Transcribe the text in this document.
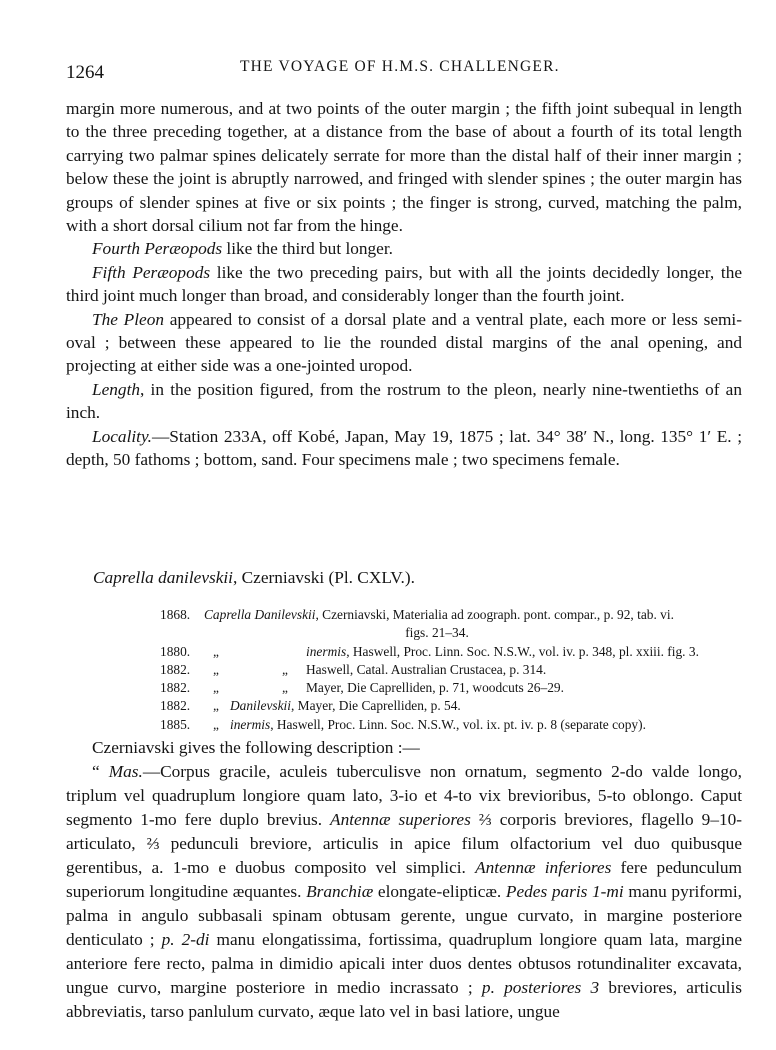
1264	THE VOYAGE OF H.M.S. CHALLENGER.

margin more numerous, and at two points of the outer margin ; the fifth joint subequal in length to the three preceding together, at a distance from the base of about a fourth of its total length carrying two palmar spines delicately serrate for more than the distal half of their inner margin ; below these the joint is abruptly narrowed, and fringed with slender spines ; the outer margin has groups of slender spines at five or six points ; the finger is strong, curved, matching the palm, with a short dorsal cilium not far from the hinge.

Fourth Peræopods like the third but longer.

Fifth Peræopods like the two preceding pairs, but with all the joints decidedly longer, the third joint much longer than broad, and considerably longer than the fourth joint.

The Pleon appeared to consist of a dorsal plate and a ventral plate, each more or less semi-oval ; between these appeared to lie the rounded distal margins of the anal opening, and projecting at either side was a one-jointed uropod.

Length, in the position figured, from the rostrum to the pleon, nearly nine-twentieths of an inch.

Locality.—Station 233A, off Kobé, Japan, May 19, 1875 ; lat. 34° 38′ N., long. 135° 1′ E. ; depth, 50 fathoms ; bottom, sand. Four specimens male ; two specimens female.

Caprella danilevskii, Czerniavski (Pl. CXLV.).
1868. Caprella Danilevskii, Czerniavski, Materialia ad zoograph. pont. compar., p. 92, tab. vi.
figs. 21–34.
1880. „	inermis, Haswell, Proc. Linn. Soc. N.S.W., vol. iv. p. 348, pl. xxiii. fig. 3.
1882. „	„ Haswell, Catal. Australian Crustacea, p. 314.
1882. „	„ Mayer, Die Caprelliden, p. 71, woodcuts 26–29.
1882. „ Danilevskii, Mayer, Die Caprelliden, p. 54.
1885. „ inermis, Haswell, Proc. Linn. Soc. N.S.W., vol. ix. pt. iv. p. 8 (separate copy).

Czerniavski gives the following description :—

“ Mas.—Corpus gracile, aculeis tuberculisve non ornatum, segmento 2-do valde longo, triplum vel quadruplum longiore quam lato, 3-io et 4-to vix brevioribus, 5-to oblongo. Caput segmento 1-mo fere duplo brevius. Antennæ superiores ⅔ corporis breviores, flagello 9–10-articulato, ⅔ pedunculi breviore, articulis in apice filum olfactorium vel duo quibusque gerentibus, a. 1-mo e duobus composito vel simplici. Antennæ inferiores fere pedunculum superiorum longitudine æquantes. Branchiæ elongate-elipticæ. Pedes paris 1-mi manu pyriformi, palma in angulo subbasali spinam obtusam gerente, ungue curvato, in margine posteriore denticulato ; p. 2-di manu elongatissima, fortissima, quadruplum longiore quam lata, margine anteriore fere recto, palma in dimidio apicali inter duos dentes obtusos rotundinaliter excavata, ungue curvo, margine posteriore in medio incrassato ; p. posteriores 3 breviores, articulis abbreviatis, tarso panlulum curvato, æque lato vel in basi latiore, ungue
